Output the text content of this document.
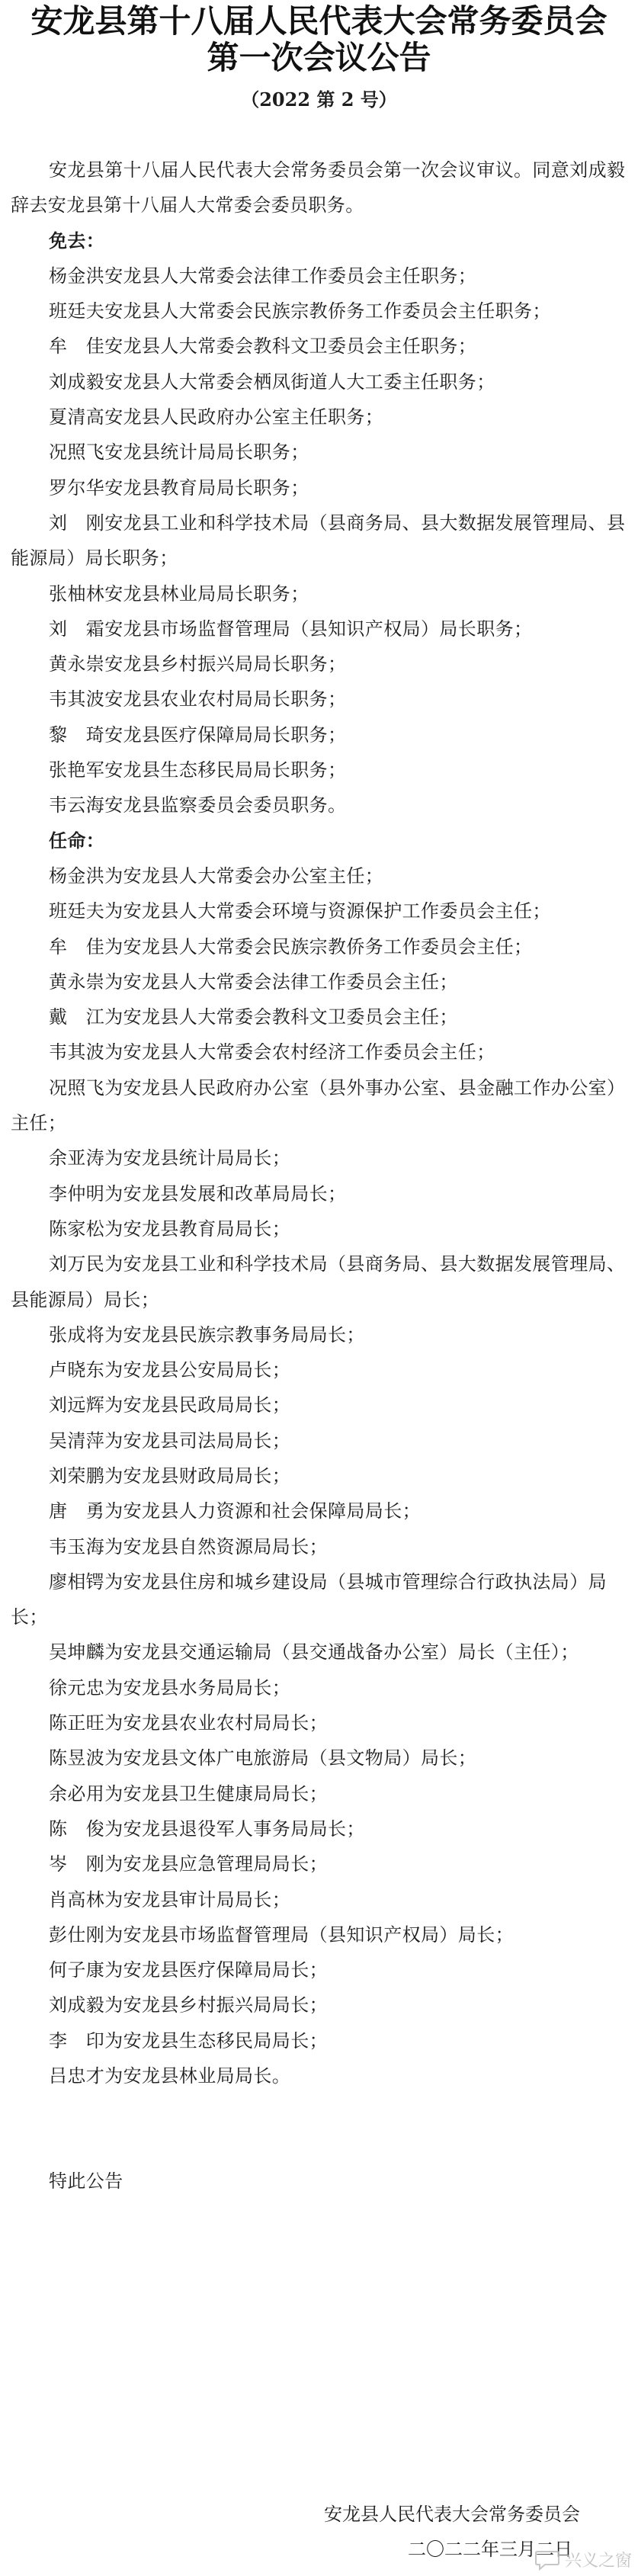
安龙县第十八届人民代表大会常务委员会
第一次会议公告
（2022 第 2 号）

安龙县第十八届人民代表大会常务委员会第一次会议审议。同意刘成毅辞去安龙县第十八届人大常委会委员职务。

免去：

杨金洪安龙县人大常委会法律工作委员会主任职务；
班廷夫安龙县人大常委会民族宗教侨务工作委员会主任职务；
牟　佳安龙县人大常委会教科文卫委员会主任职务；
刘成毅安龙县人大常委会栖凤街道人大工委主任职务；
夏清高安龙县人民政府办公室主任职务；
况照飞安龙县统计局局长职务；
罗尔华安龙县教育局局长职务；
刘　刚安龙县工业和科学技术局（县商务局、县大数据发展管理局、县能源局）局长职务；
张柚林安龙县林业局局长职务；
刘　霜安龙县市场监督管理局（县知识产权局）局长职务；
黄永崇安龙县乡村振兴局局长职务；
韦其波安龙县农业农村局局长职务；
黎　琦安龙县医疗保障局局长职务；
张艳军安龙县生态移民局局长职务；
韦云海安龙县监察委员会委员职务。

任命：

杨金洪为安龙县人大常委会办公室主任；
班廷夫为安龙县人大常委会环境与资源保护工作委员会主任；
牟　佳为安龙县人大常委会民族宗教侨务工作委员会主任；
黄永崇为安龙县人大常委会法律工作委员会主任；
戴　江为安龙县人大常委会教科文卫委员会主任；
韦其波为安龙县人大常委会农村经济工作委员会主任；
况照飞为安龙县人民政府办公室（县外事办公室、县金融工作办公室）主任；
余亚涛为安龙县统计局局长；
李仲明为安龙县发展和改革局局长；
陈家松为安龙县教育局局长；
刘万民为安龙县工业和科学技术局（县商务局、县大数据发展管理局、县能源局）局长；
张成将为安龙县民族宗教事务局局长；
卢晓东为安龙县公安局局长；
刘远辉为安龙县民政局局长；
吴清萍为安龙县司法局局长；
刘荣鹏为安龙县财政局局长；
唐　勇为安龙县人力资源和社会保障局局长；
韦玉海为安龙县自然资源局局长；
廖相锷为安龙县住房和城乡建设局（县城市管理综合行政执法局）局长；
吴坤麟为安龙县交通运输局（县交通战备办公室）局长（主任）；
徐元忠为安龙县水务局局长；
陈正旺为安龙县农业农村局局长；
陈昱波为安龙县文体广电旅游局（县文物局）局长；
余必用为安龙县卫生健康局局长；
陈　俊为安龙县退役军人事务局局长；
岑　刚为安龙县应急管理局局长；
肖高林为安龙县审计局局长；
彭仕刚为安龙县市场监督管理局（县知识产权局）局长；
何子康为安龙县医疗保障局局长；
刘成毅为安龙县乡村振兴局局长；
李　印为安龙县生态移民局局长；
吕忠才为安龙县林业局局长。

特此公告

安龙县人民代表大会常务委员会
二〇二二年三月二日
兴义之窗
